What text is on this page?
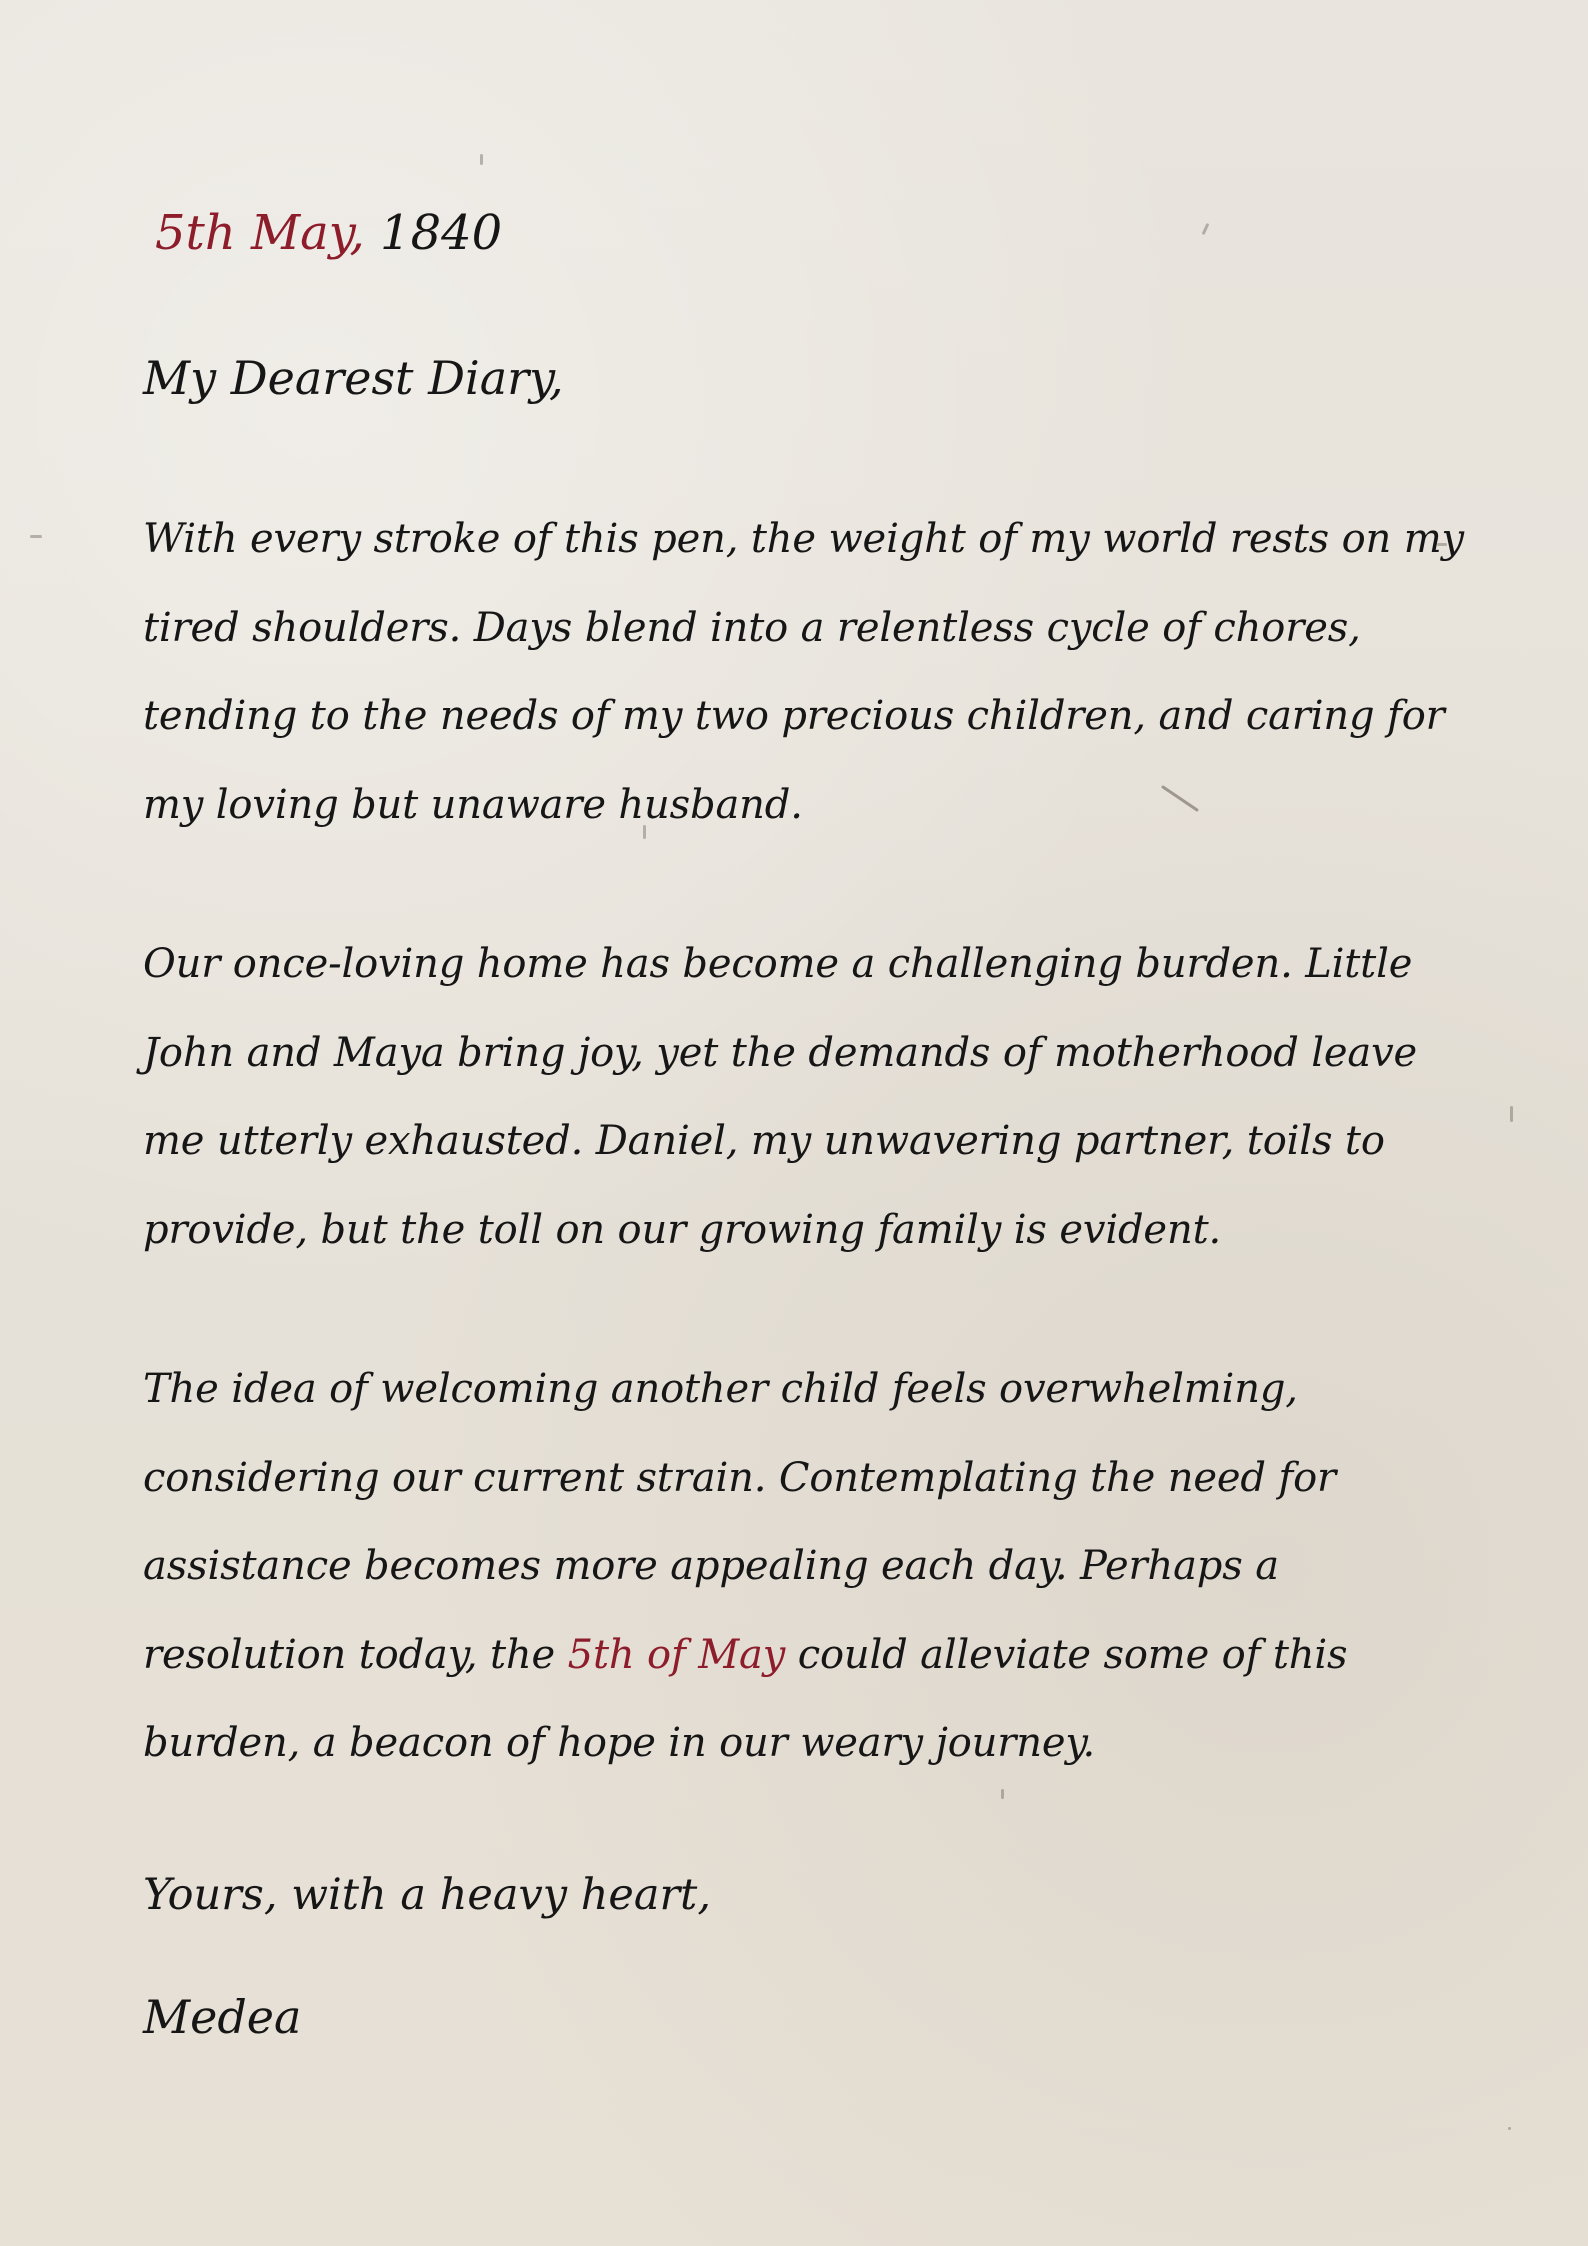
5th May, 1840
My Dearest Diary,

With every stroke of this pen, the weight of my world rests on my tired shoulders. Days blend into a relentless cycle of chores, tending to the needs of my two precious children, and caring for my loving but unaware husband.

Our once-loving home has become a challenging burden. Little John and Maya bring joy, yet the demands of motherhood leave me utterly exhausted. Daniel, my unwavering partner, toils to provide, but the toll on our growing family is evident.

The idea of welcoming another child feels overwhelming, considering our current strain. Contemplating the need for assistance becomes more appealing each day. Perhaps a resolution today, the 5th of May could alleviate some of this burden, a beacon of hope in our weary journey.

Yours, with a heavy heart,
Medea
